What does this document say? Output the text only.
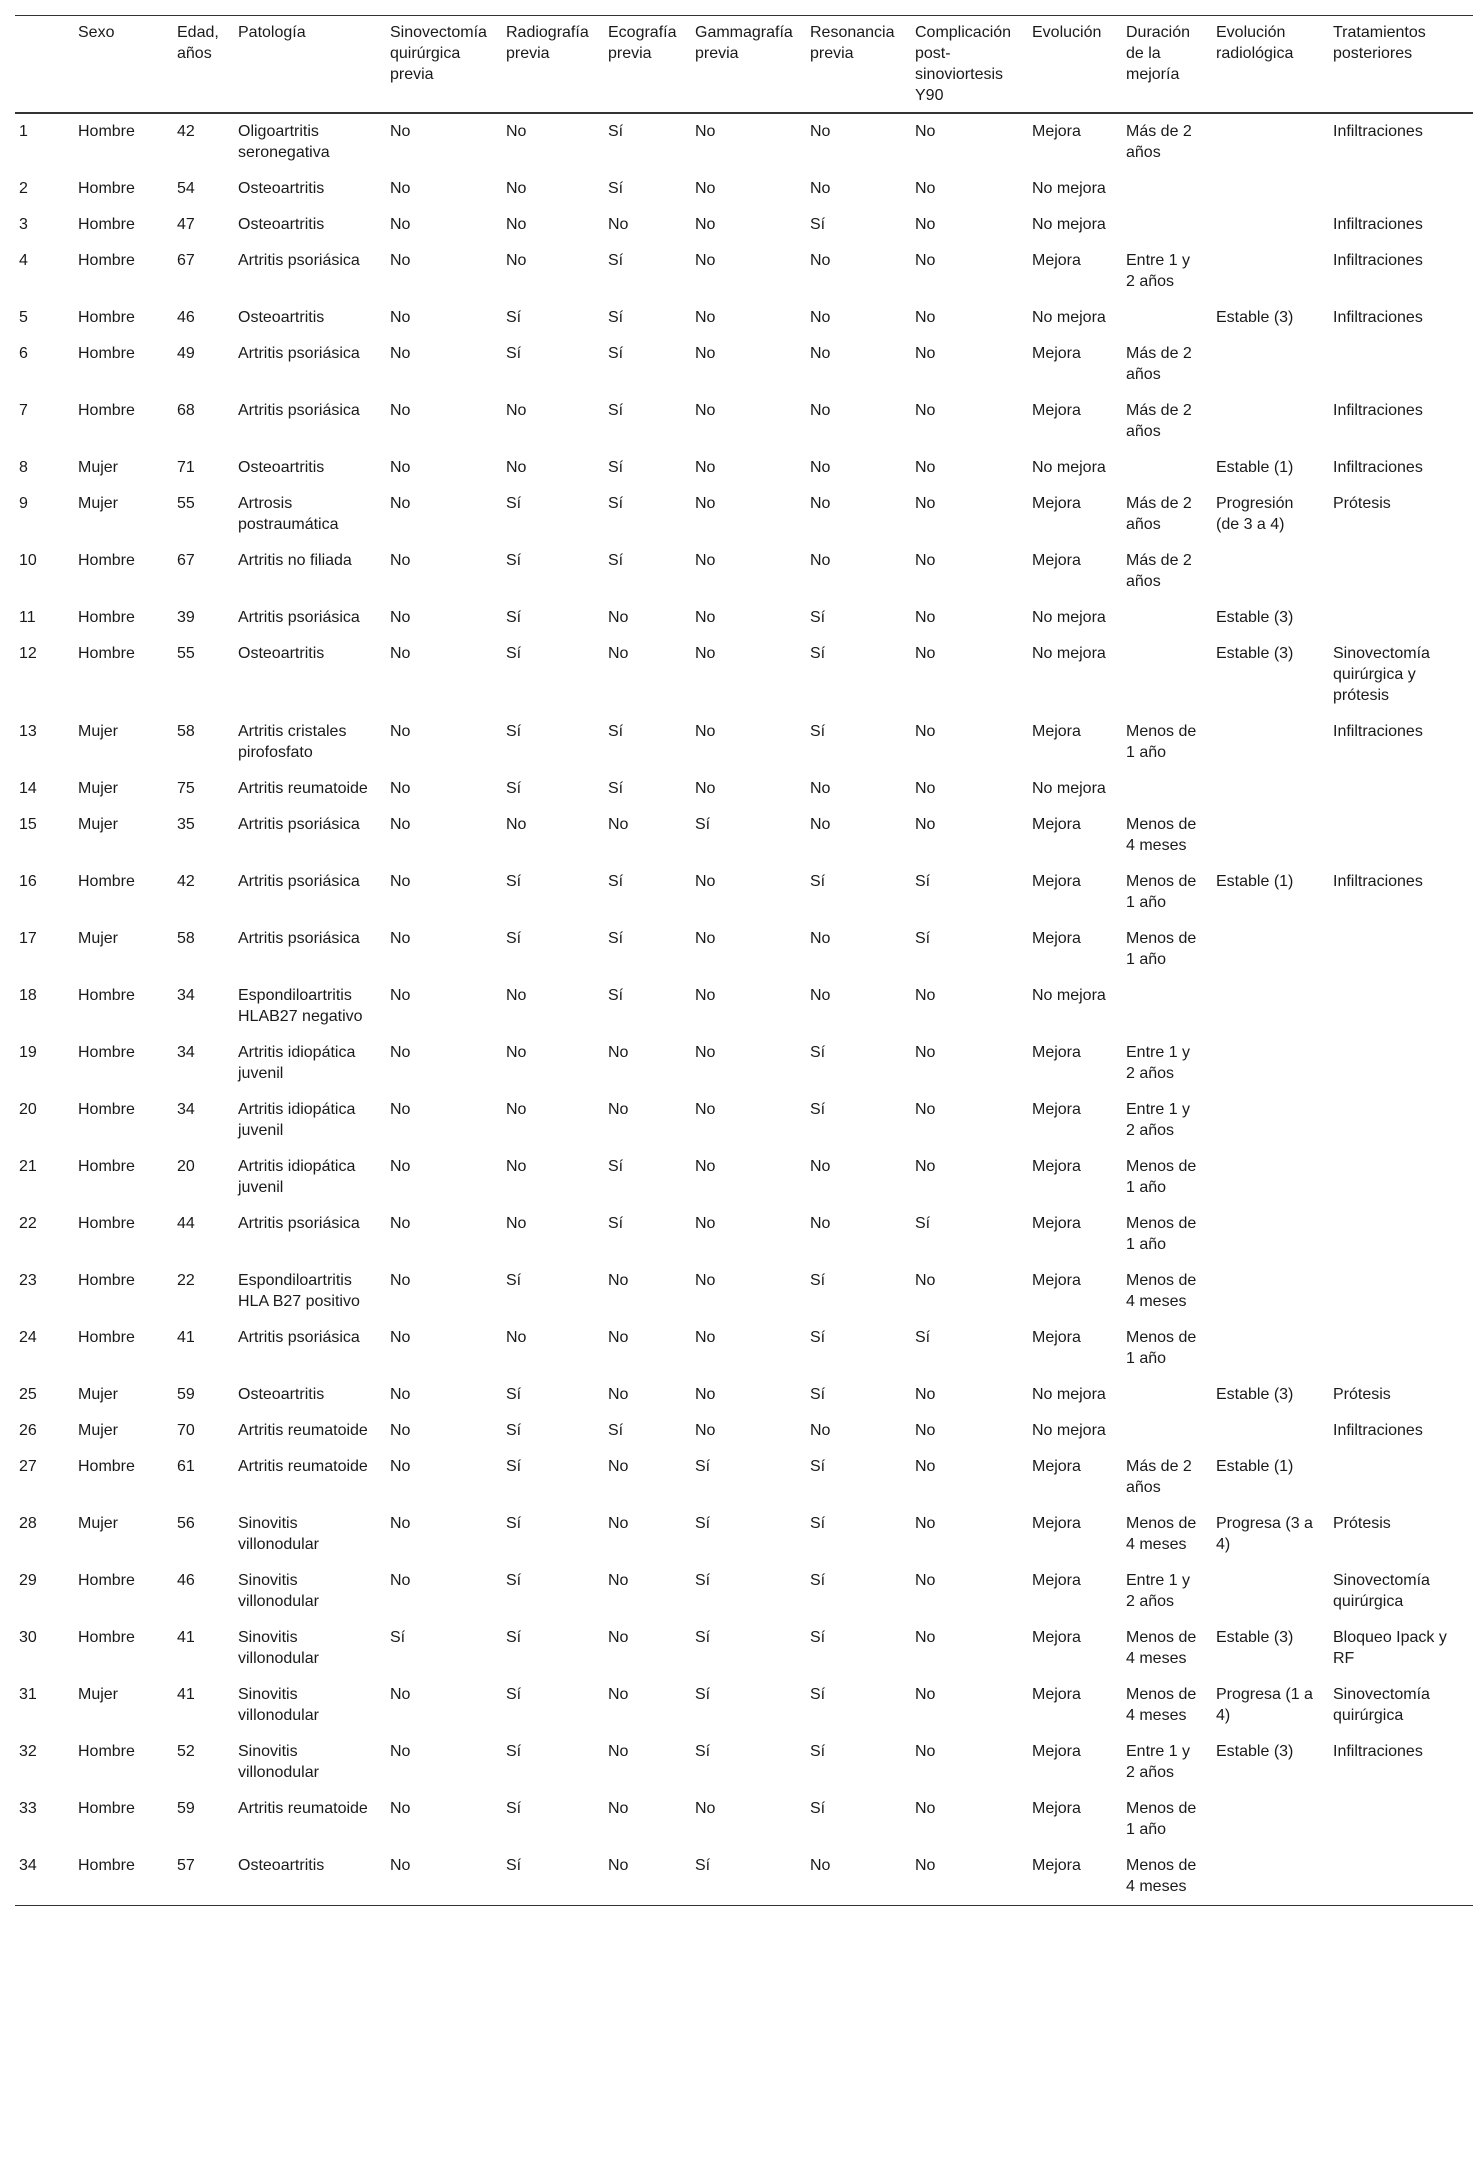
	Sexo	Edad, años	Patología	Sinovectomía quirúrgica previa	Radiografía previa	Ecografía previa	Gammagrafía previa	Resonancia previa	Complicación post-sinoviortesis Y90	Evolución	Duración de la mejoría	Evolución radiológica	Tratamientos posteriores
1	Hombre	42	Oligoartritis seronegativa	No	No	Sí	No	No	No	Mejora	Más de 2 años		Infiltraciones
2	Hombre	54	Osteoartritis	No	No	Sí	No	No	No	No mejora			
3	Hombre	47	Osteoartritis	No	No	No	No	Sí	No	No mejora			Infiltraciones
4	Hombre	67	Artritis psoriásica	No	No	Sí	No	No	No	Mejora	Entre 1 y 2 años		Infiltraciones
5	Hombre	46	Osteoartritis	No	Sí	Sí	No	No	No	No mejora		Estable (3)	Infiltraciones
6	Hombre	49	Artritis psoriásica	No	Sí	Sí	No	No	No	Mejora	Más de 2 años		
7	Hombre	68	Artritis psoriásica	No	No	Sí	No	No	No	Mejora	Más de 2 años		Infiltraciones
8	Mujer	71	Osteoartritis	No	No	Sí	No	No	No	No mejora		Estable (1)	Infiltraciones
9	Mujer	55	Artrosis postraumática	No	Sí	Sí	No	No	No	Mejora	Más de 2 años	Progresión (de 3 a 4)	Prótesis
10	Hombre	67	Artritis no filiada	No	Sí	Sí	No	No	No	Mejora	Más de 2 años		
11	Hombre	39	Artritis psoriásica	No	Sí	No	No	Sí	No	No mejora		Estable (3)	
12	Hombre	55	Osteoartritis	No	Sí	No	No	Sí	No	No mejora		Estable (3)	Sinovectomía quirúrgica y prótesis
13	Mujer	58	Artritis cristales pirofosfato	No	Sí	Sí	No	Sí	No	Mejora	Menos de 1 año		Infiltraciones
14	Mujer	75	Artritis reumatoide	No	Sí	Sí	No	No	No	No mejora			
15	Mujer	35	Artritis psoriásica	No	No	No	Sí	No	No	Mejora	Menos de 4 meses		
16	Hombre	42	Artritis psoriásica	No	Sí	Sí	No	Sí	Sí	Mejora	Menos de 1 año	Estable (1)	Infiltraciones
17	Mujer	58	Artritis psoriásica	No	Sí	Sí	No	No	Sí	Mejora	Menos de 1 año		
18	Hombre	34	Espondiloartritis HLAB27 negativo	No	No	Sí	No	No	No	No mejora			
19	Hombre	34	Artritis idiopática juvenil	No	No	No	No	Sí	No	Mejora	Entre 1 y 2 años		
20	Hombre	34	Artritis idiopática juvenil	No	No	No	No	Sí	No	Mejora	Entre 1 y 2 años		
21	Hombre	20	Artritis idiopática juvenil	No	No	Sí	No	No	No	Mejora	Menos de 1 año		
22	Hombre	44	Artritis psoriásica	No	No	Sí	No	No	Sí	Mejora	Menos de 1 año		
23	Hombre	22	Espondiloartritis HLA B27 positivo	No	Sí	No	No	Sí	No	Mejora	Menos de 4 meses		
24	Hombre	41	Artritis psoriásica	No	No	No	No	Sí	Sí	Mejora	Menos de 1 año		
25	Mujer	59	Osteoartritis	No	Sí	No	No	Sí	No	No mejora		Estable (3)	Prótesis
26	Mujer	70	Artritis reumatoide	No	Sí	Sí	No	No	No	No mejora			Infiltraciones
27	Hombre	61	Artritis reumatoide	No	Sí	No	Sí	Sí	No	Mejora	Más de 2 años	Estable (1)	
28	Mujer	56	Sinovitis villonodular	No	Sí	No	Sí	Sí	No	Mejora	Menos de 4 meses	Progresa (3 a 4)	Prótesis
29	Hombre	46	Sinovitis villonodular	No	Sí	No	Sí	Sí	No	Mejora	Entre 1 y 2 años		Sinovectomía quirúrgica
30	Hombre	41	Sinovitis villonodular	Sí	Sí	No	Sí	Sí	No	Mejora	Menos de 4 meses	Estable (3)	Bloqueo Ipack y RF
31	Mujer	41	Sinovitis villonodular	No	Sí	No	Sí	Sí	No	Mejora	Menos de 4 meses	Progresa (1 a 4)	Sinovectomía quirúrgica
32	Hombre	52	Sinovitis villonodular	No	Sí	No	Sí	Sí	No	Mejora	Entre 1 y 2 años	Estable (3)	Infiltraciones
33	Hombre	59	Artritis reumatoide	No	Sí	No	No	Sí	No	Mejora	Menos de 1 año		
34	Hombre	57	Osteoartritis	No	Sí	No	Sí	No	No	Mejora	Menos de 4 meses		
